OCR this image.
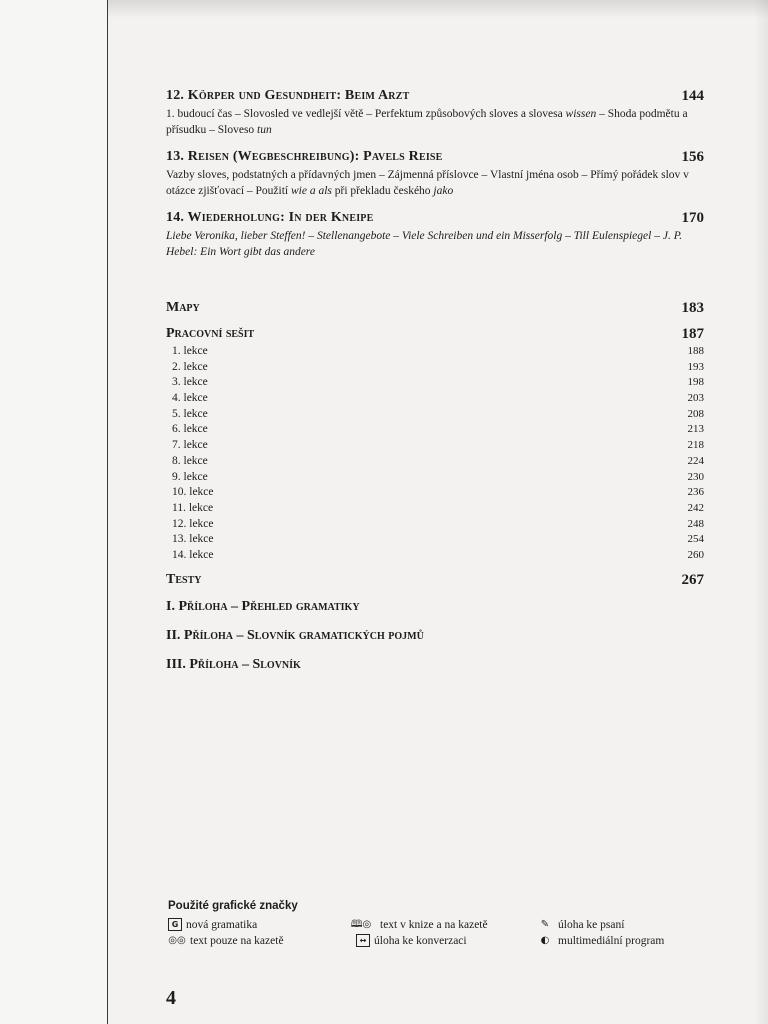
12. Körper und Gesundheit: Beim Arzt	144
1. budoucí čas – Slovosled ve vedlejší větě – Perfektum způsobových sloves a slovesa wissen – Shoda podmětu a přísudku – Sloveso tun
13. Reisen (Wegbeschreibung): Pavels Reise	156
Vazby sloves, podstatných a přídavných jmen – Zájmenná příslovce – Vlastní jména osob – Přímý pořádek slov v otázce zjišťovací – Použití wie a als při překladu českého jako
14. Wiederholung: In der Kneipe	170
Liebe Veronika, lieber Steffen! – Stellenangebote – Viele Schreiben und ein Misserfolg – Till Eulenspiegel – J. P. Hebel: Ein Wort gibt das andere
Mapy	183
Pracovní sešit	187
1. lekce	188
2. lekce	193
3. lekce	198
4. lekce	203
5. lekce	208
6. lekce	213
7. lekce	218
8. lekce	224
9. lekce	230
10. lekce	236
11. lekce	242
12. lekce	248
13. lekce	254
14. lekce	260
Testy	267
I. Příloha – Přehled gramatiky
II. Příloha – Slovník gramatických pojmů
III. Příloha – Slovník
Použité grafické značky
G nová gramatika	🕮◎ text v knize a na kazetě	✎ úloha ke psaní
◎◎ text pouze na kazetě	↔ úloha ke konverzaci	◐ multimediální program
4
